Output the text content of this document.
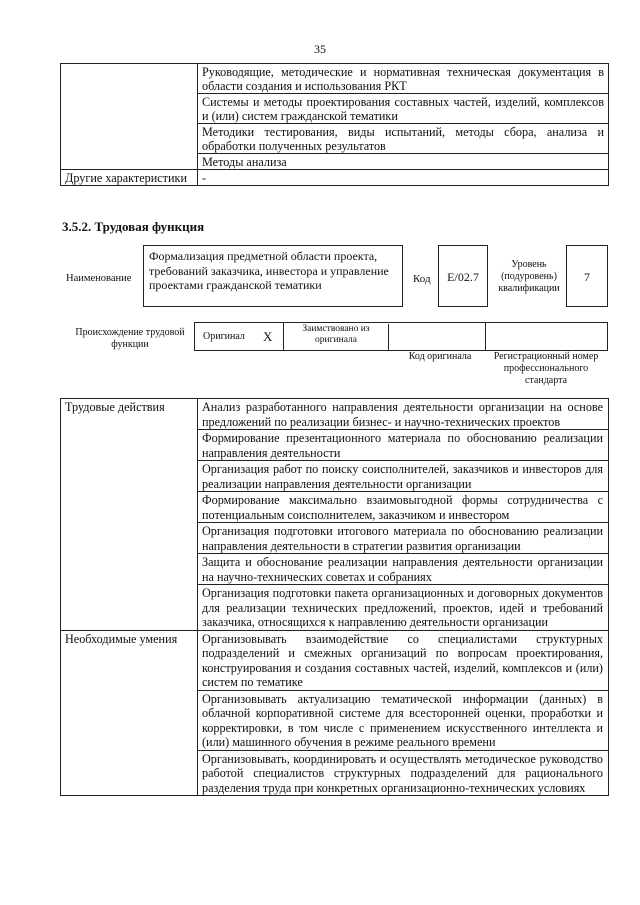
35
	Руководящие, методические и нормативная техническая документация в области создания и использования РКТ
	Системы и методы проектирования составных частей, изделий, комплексов и (или) систем гражданской тематики
	Методики тестирования, виды испытаний, методы сбора, анализа и обработки полученных результатов
	Методы анализа
Другие характеристики	-
3.5.2. Трудовая функция
Наименование
Формализация предметной области проекта, требований заказчика, инвестора и управление проектами гражданской тематики	Код	E/02.7
Уровень (подуровень) квалификации
7
Происхождение трудовой функции
Оригинал X	Заимствовано из оригинала
Код оригинала	Регистрационный номер профессионального стандарта
Трудовые действия	Анализ разработанного направления деятельности организации на основе предложений по реализации бизнес- и научно-технических проектов
	Формирование презентационного материала по обоснованию реализации направления деятельности
	Организация работ по поиску соисполнителей, заказчиков и инвесторов для реализации направления деятельности организации
	Формирование максимально взаимовыгодной формы сотрудничества с потенциальным соисполнителем, заказчиком и инвестором
	Организация подготовки итогового материала по обоснованию реализации направления деятельности в стратегии развития организации
	Защита и обоснование реализации направления деятельности организации на научно-технических советах и собраниях
	Организация подготовки пакета организационных и договорных документов для реализации технических предложений, проектов, идей и требований заказчика, относящихся к направлению деятельности организации
Необходимые умения	Организовывать взаимодействие со специалистами структурных подразделений и смежных организаций по вопросам проектирования, конструирования и создания составных частей, изделий, комплексов и (или) систем по тематике
	Организовывать актуализацию тематической информации (данных) в облачной корпоративной системе для всесторонней оценки, проработки и корректировки, в том числе с применением искусственного интеллекта и (или) машинного обучения в режиме реального времени
	Организовывать, координировать и осуществлять методическое руководство работой специалистов структурных подразделений для рационального разделения труда при конкретных организационно-технических условиях
